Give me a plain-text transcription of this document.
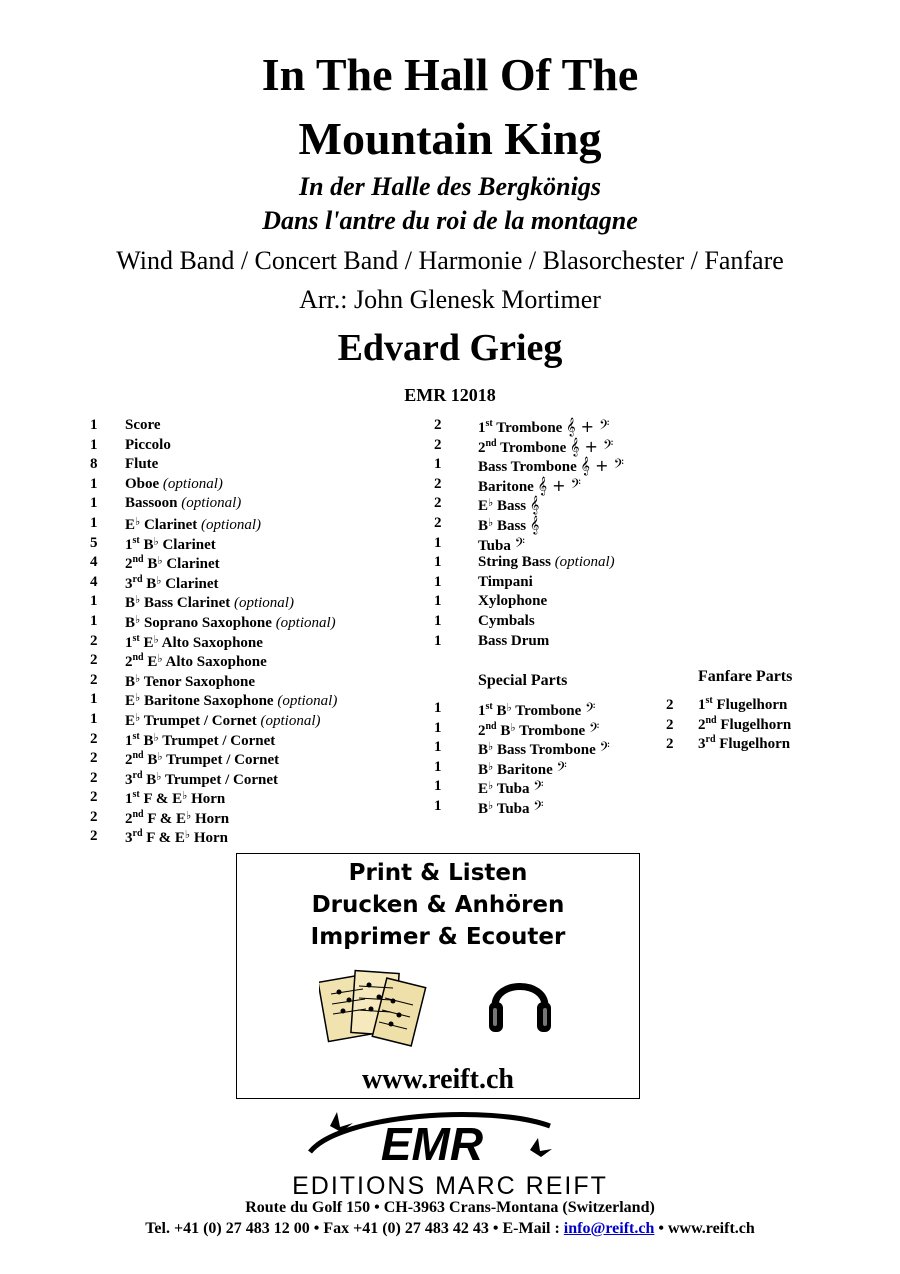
In The Hall Of The
Mountain King
In der Halle des Bergkönigs
Dans l'antre du roi de la montagne
Wind Band / Concert Band / Harmonie / Blasorchester / Fanfare
Arr.: John Glenesk Mortimer
Edvard Grieg
EMR 12018
1 Score
1 Piccolo
8 Flute
1 Oboe (optional)
1 Bassoon (optional)
1 E♭ Clarinet (optional)
5 1st B♭ Clarinet
4 2nd B♭ Clarinet
4 3rd B♭ Clarinet
1 B♭ Bass Clarinet (optional)
1 B♭ Soprano Saxophone (optional)
2 1st E♭ Alto Saxophone
2 2nd E♭ Alto Saxophone
2 B♭ Tenor Saxophone
1 E♭ Baritone Saxophone (optional)
1 E♭ Trumpet / Cornet (optional)
2 1st B♭ Trumpet / Cornet
2 2nd B♭ Trumpet / Cornet
2 3rd B♭ Trumpet / Cornet
2 1st F & E♭ Horn
2 2nd F & E♭ Horn
2 3rd F & E♭ Horn
2 1st Trombone 𝄞 + 𝄢
2 2nd Trombone 𝄞 + 𝄢
1 Bass Trombone 𝄞 + 𝄢
2 Baritone 𝄞 + 𝄢
2 E♭ Bass 𝄞
2 B♭ Bass 𝄞
1 Tuba 𝄢
1 String Bass (optional)
1 Timpani
1 Xylophone
1 Cymbals
1 Bass Drum
Special Parts
1 1st B♭ Trombone 𝄢
1 2nd B♭ Trombone 𝄢
1 B♭ Bass Trombone 𝄢
1 B♭ Baritone 𝄢
1 E♭ Tuba 𝄢
1 B♭ Tuba 𝄢
Fanfare Parts
2 1st Flugelhorn
2 2nd Flugelhorn
2 3rd Flugelhorn
Print & Listen
Drucken & Anhören
Imprimer & Ecouter
www.reift.ch
EMR
EDITIONS MARC REIFT
Route du Golf 150 • CH-3963 Crans-Montana (Switzerland)
Tel. +41 (0) 27 483 12 00 • Fax +41 (0) 27 483 42 43 • E-Mail : info@reift.ch • www.reift.ch
